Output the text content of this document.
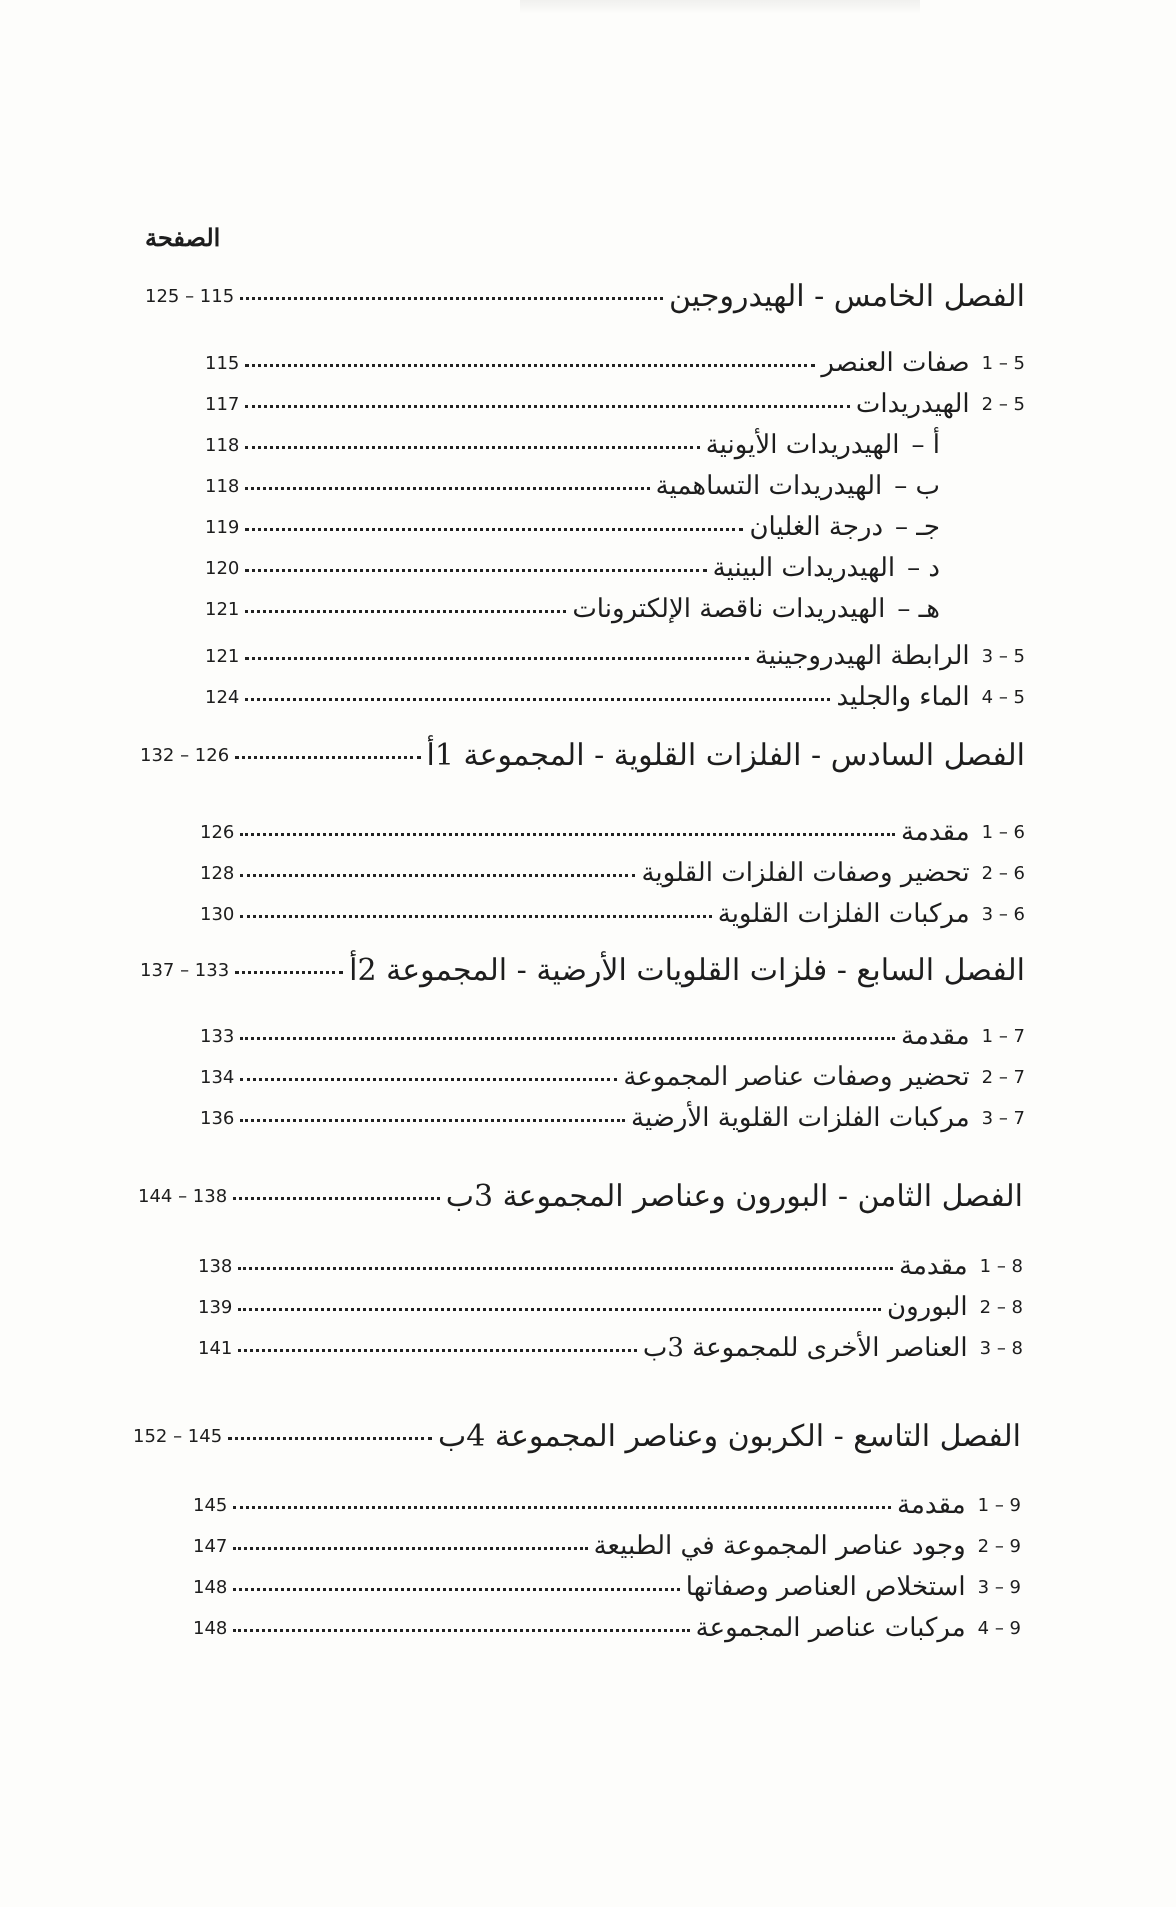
الصفحة
الفصل الخامس - الهيدروجين
125 – 115
5 – 1
صفات العنصر
115
5 – 2
الهيدريدات
117
أ –
الهيدريدات الأيونية
118
ب –
الهيدريدات التساهمية
118
جـ –
درجة الغليان
119
د –
الهيدريدات البينية
120
هـ –
الهيدريدات ناقصة الإلكترونات
121
5 – 3
الرابطة الهيدروجينية
121
5 – 4
الماء والجليد
124
الفصل السادس - الفلزات القلوية - المجموعة 1أ
132 – 126
6 – 1
مقدمة
126
6 – 2
تحضير وصفات الفلزات القلوية
128
6 – 3
مركبات الفلزات القلوية
130
الفصل السابع - فلزات القلويات الأرضية - المجموعة 2أ
137 – 133
7 – 1
مقدمة
133
7 – 2
تحضير وصفات عناصر المجموعة
134
7 – 3
مركبات الفلزات القلوية الأرضية
136
الفصل الثامن - البورون وعناصر المجموعة 3ب
144 – 138
8 – 1
مقدمة
138
8 – 2
البورون
139
8 – 3
العناصر الأخرى للمجموعة 3ب
141
الفصل التاسع - الكربون وعناصر المجموعة 4ب
152 – 145
9 – 1
مقدمة
145
9 – 2
وجود عناصر المجموعة في الطبيعة
147
9 – 3
استخلاص العناصر وصفاتها
148
9 – 4
مركبات عناصر المجموعة
148
